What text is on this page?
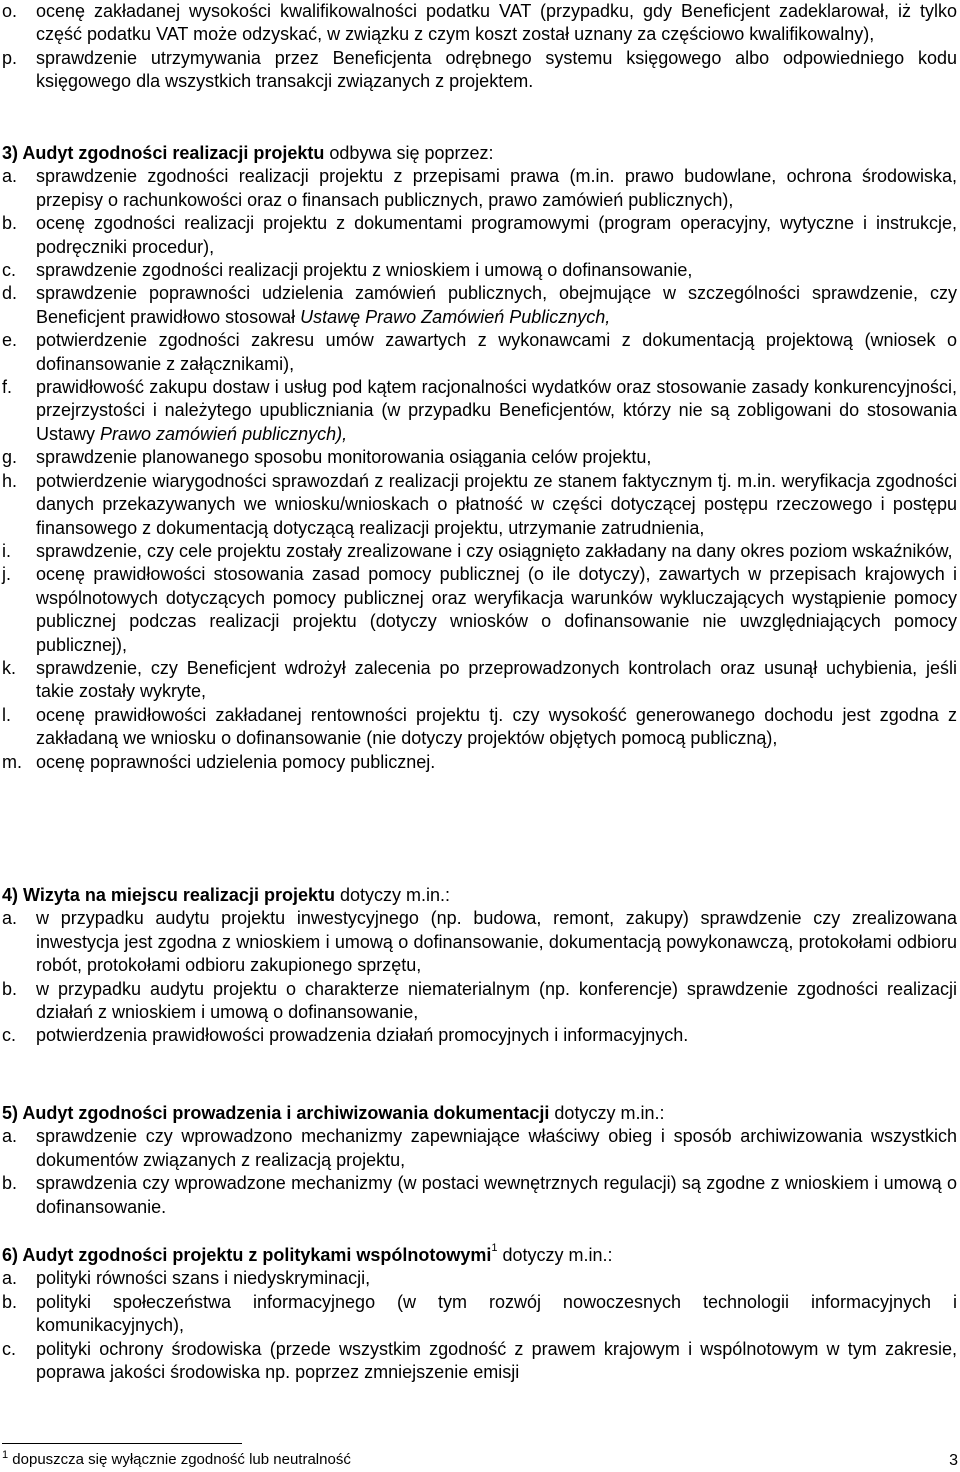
o. ocenę zakładanej wysokości kwalifikowalności podatku VAT (przypadku, gdy Beneficjent zadeklarował, iż tylko część podatku VAT może odzyskać, w związku z czym koszt został uznany za częściowo kwalifikowalny),
p. sprawdzenie utrzymywania przez Beneficjenta odrębnego systemu księgowego albo odpowiedniego kodu księgowego dla wszystkich transakcji związanych z projektem.
3) Audyt zgodności realizacji projektu odbywa się poprzez:
a. sprawdzenie zgodności realizacji projektu z przepisami prawa (m.in. prawo budowlane, ochrona środowiska, przepisy o rachunkowości oraz o finansach publicznych, prawo zamówień publicznych),
b. ocenę zgodności realizacji projektu z dokumentami programowymi (program operacyjny, wytyczne i instrukcje, podręczniki procedur),
c. sprawdzenie zgodności realizacji projektu z wnioskiem i umową o dofinansowanie,
d. sprawdzenie poprawności udzielenia zamówień publicznych, obejmujące w szczególności sprawdzenie, czy Beneficjent prawidłowo stosował Ustawę Prawo Zamówień Publicznych,
e. potwierdzenie zgodności zakresu umów zawartych z wykonawcami z dokumentacją projektową (wniosek o dofinansowanie z załącznikami),
f. prawidłowość zakupu dostaw i usług pod kątem racjonalności wydatków oraz stosowanie zasady konkurencyjności, przejrzystości i należytego upubliczniania (w przypadku Beneficjentów, którzy nie są zobligowani do stosowania Ustawy Prawo zamówień publicznych),
g. sprawdzenie planowanego sposobu monitorowania osiągania celów projektu,
h. potwierdzenie wiarygodności sprawozdań z realizacji projektu ze stanem faktycznym tj. m.in. weryfikacja zgodności danych przekazywanych we wniosku/wnioskach o płatność w części dotyczącej postępu rzeczowego i postępu finansowego z dokumentacją dotyczącą realizacji projektu, utrzymanie zatrudnienia,
i. sprawdzenie, czy cele projektu zostały zrealizowane i czy osiągnięto zakładany na dany okres poziom wskaźników,
j. ocenę prawidłowości stosowania zasad pomocy publicznej (o ile dotyczy), zawartych w przepisach krajowych i wspólnotowych dotyczących pomocy publicznej oraz weryfikacja warunków wykluczających wystąpienie pomocy publicznej podczas realizacji projektu (dotyczy wniosków o dofinansowanie nie uwzględniających pomocy publicznej),
k. sprawdzenie, czy Beneficjent wdrożył zalecenia po przeprowadzonych kontrolach oraz usunął uchybienia, jeśli takie zostały wykryte,
l. ocenę prawidłowości zakładanej rentowności projektu tj. czy wysokość generowanego dochodu jest zgodna z zakładaną we wniosku o dofinansowanie (nie dotyczy projektów objętych pomocą publiczną),
m. ocenę poprawności udzielenia pomocy publicznej.
4) Wizyta na miejscu realizacji projektu dotyczy m.in.:
a. w przypadku audytu projektu inwestycyjnego (np. budowa, remont, zakupy) sprawdzenie czy zrealizowana inwestycja jest zgodna z wnioskiem i umową o dofinansowanie, dokumentacją powykonawczą, protokołami odbioru robót, protokołami odbioru zakupionego sprzętu,
b. w przypadku audytu projektu o charakterze niematerialnym (np. konferencje) sprawdzenie zgodności realizacji działań z wnioskiem i umową o dofinansowanie,
c. potwierdzenia prawidłowości prowadzenia działań promocyjnych i informacyjnych.
5) Audyt zgodności prowadzenia i archiwizowania dokumentacji dotyczy m.in.:
a. sprawdzenie czy wprowadzono mechanizmy zapewniające właściwy obieg i sposób archiwizowania wszystkich dokumentów związanych z realizacją projektu,
b. sprawdzenia czy wprowadzone mechanizmy (w postaci wewnętrznych regulacji) są zgodne z wnioskiem i umową o dofinansowanie.
6) Audyt zgodności projektu z politykami wspólnotowymi$^1$ dotyczy m.in.:
a. polityki równości szans i niedyskryminacji,
b. polityki społeczeństwa informacyjnego (w tym rozwój nowoczesnych technologii informacyjnych i komunikacyjnych),
c. polityki ochrony środowiska (przede wszystkim zgodność z prawem krajowym i wspólnotowym w tym zakresie, poprawa jakości środowiska np. poprzez zmniejszenie emisji
$^1$ dopuszcza się wyłącznie zgodność lub neutralność	3
